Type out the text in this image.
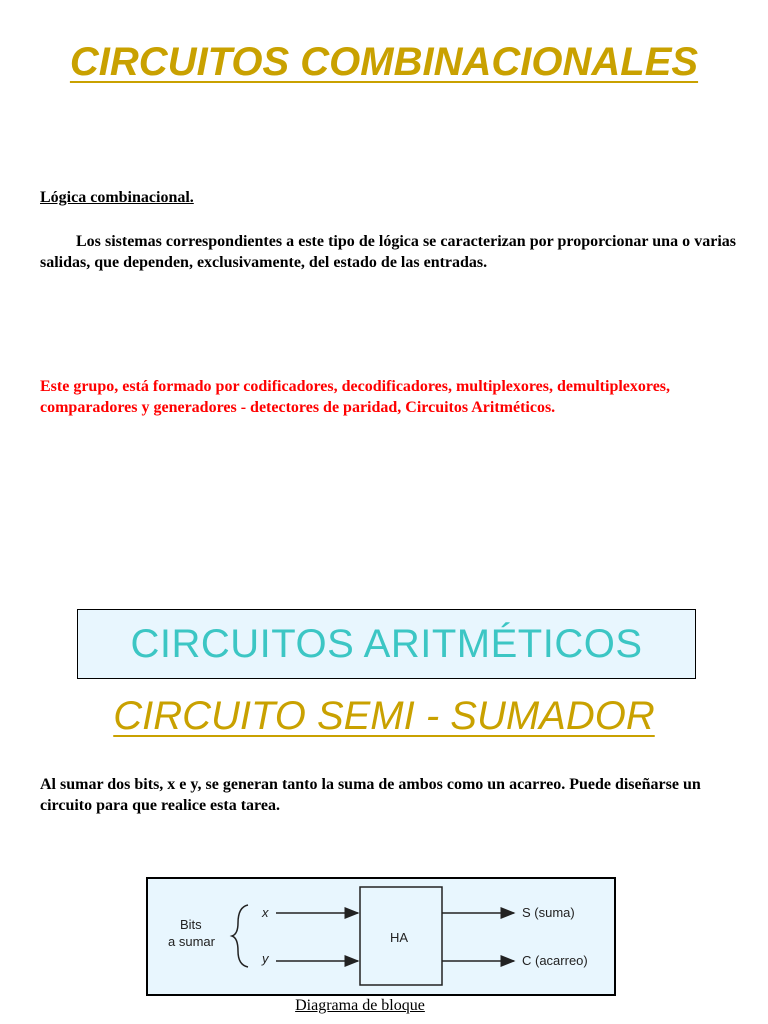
CIRCUITOS COMBINACIONALES
Lógica combinacional.

Los sistemas correspondientes a este tipo de lógica se caracterizan por proporcionar una o varias salidas, que dependen, exclusivamente, del estado de las entradas.

Este grupo, está formado por codificadores, decodificadores, multiplexores, demultiplexores, comparadores y generadores - detectores de paridad, Circuitos Aritméticos.

CIRCUITOS ARITMÉTICOS
CIRCUITO SEMI - SUMADOR

Al sumar dos bits, x e y, se generan tanto la suma de ambos como un acarreo. Puede diseñarse un circuito para que realice esta tarea.

Bits
a sumar
x
y
HA
S (suma)
C (acarreo)
Diagrama de bloque
